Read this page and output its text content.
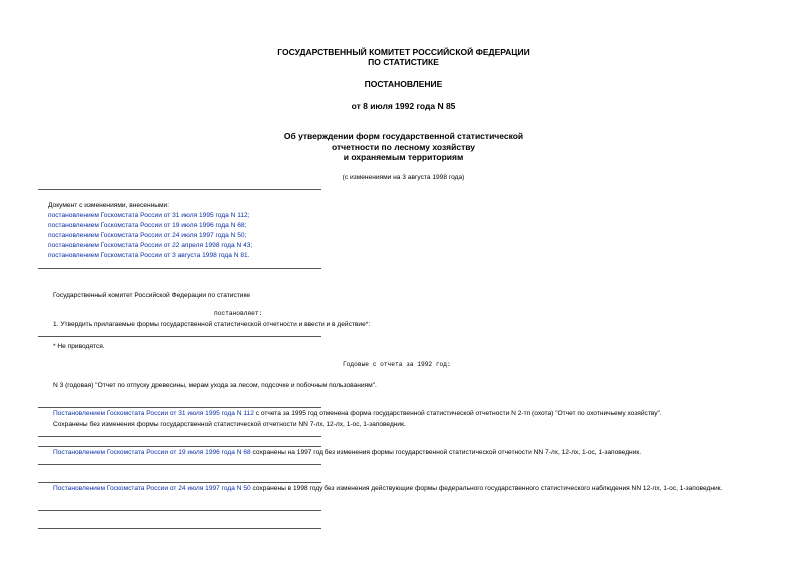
ГОСУДАРСТВЕННЫЙ КОМИТЕТ РОССИЙСКОЙ ФЕДЕРАЦИИ
ПО СТАТИСТИКЕ
ПОСТАНОВЛЕНИЕ
от 8 июля 1992 года N 85
Об утверждении форм государственной статистической
отчетности по лесному хозяйству
и охраняемым территориям
(с изменениями на 3 августа 1998 года)
Документ с изменениями, внесенными:
постановлением Госкомстата России от 31 июля 1995 года N 112;
постановлением Госкомстата России от 19 июля 1996 года N 68;
постановлением Госкомстата России от 24 июля 1997 года N 50;
постановлением Госкомстата России от 22 апреля 1998 года N 43;
постановлением Госкомстата России от 3 августа 1998 года N 81.
Государственный комитет Российской Федерации по статистике
постановляет:
1. Утвердить прилагаемые формы государственной статистической отчетности и ввести и в действие*:
* Не приводятся.
Годовые с отчета за 1992 год:
N 3 (годовая) "Отчет по отпуску древесины, мерам ухода за лесом, подсочке и побочным пользованиям".
Постановлением Госкомстата России от 31 июля 1995 года N 112 с отчета за 1995 год отменена форма государственной статистической отчетности N 2-тп (охота) "Отчет по охотничьему хозяйству".
Сохранены без изменения формы государственной статистической отчетности NN 7-лх, 12-лх, 1-ос, 1-заповедник.
Постановлением Госкомстата России от 19 июля 1996 года N 68 сохранены на 1997 год без изменения формы государственной статистической отчетности NN 7-лх, 12-лх, 1-ос, 1-заповедник.
Постановлением Госкомстата России от 24 июля 1997 года N 50 сохранены в 1998 году без изменения действующие формы федерального государственного статистического наблюдения NN 12-лх, 1-ос, 1-заповедник.
